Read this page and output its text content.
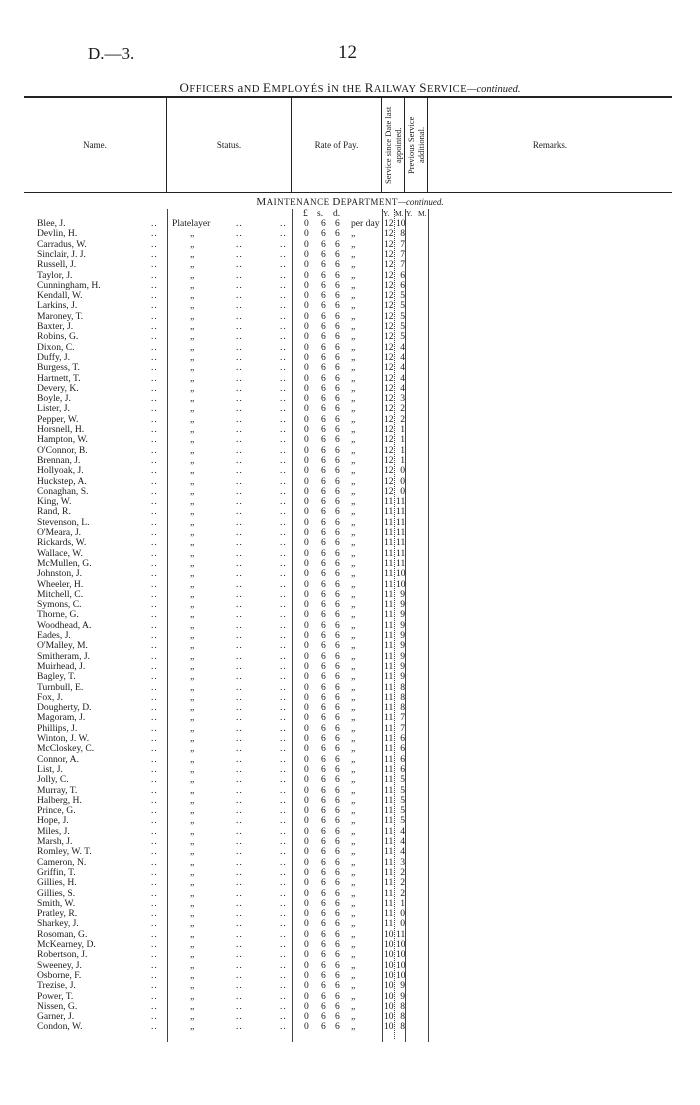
D.—3.	12
OFFICERS aND EMPLOYÉS iN tHE RAILWAY SERVICE—continued.
Name.	Status.	Rate of Pay.	Service since Date last appointed. Previous Service additional.	Remarks.
MAINTENANCE DEPARTMENT—continued.
£ s. d.	Y. M. Y. M.
Blee, J.	.. Platelayer	..	.. 0 6 6 per day 12 10
Devlin, H.	..	„	..	.. 0 6 6 „	12 8
Carradus, W.	..	„	..	.. 0 6 6 „	12 7
Sinclair, J. J.	..	„	..	.. 0 6 6 „	12 7
Russell, J.	..	„	..	.. 0 6 6 „	12 7
Taylor, J.	..	„	..	.. 0 6 6 „	12 6
Cunningham, H.	..	„	..	.. 0 6 6 „	12 6
Kendall, W.	..	„	..	.. 0 6 6 „	12 5
Larkins, J.	..	„	..	.. 0 6 6 „	12 5
Maroney, T.	..	„	..	.. 0 6 6 „	12 5
Baxter, J.	..	„	..	.. 0 6 6 „	12 5
Robins, G.	..	„	..	.. 0 6 6 „	12 5
Dixon, C.	..	„	..	.. 0 6 6 „	12 4
Duffy, J.	..	„	..	.. 0 6 6 „	12 4
Burgess, T.	..	„	..	.. 0 6 6 „	12 4
Hartnett, T.	..	„	..	.. 0 6 6 „	12 4
Devery, K.	..	„	..	.. 0 6 6 „	12 4
Boyle, J.	..	„	..	.. 0 6 6 „	12 3
Lister, J.	..	„	..	.. 0 6 6 „	12 2
Pepper, W.	..	„	..	.. 0 6 6 „	12 2
Horsnell, H.	..	„	..	.. 0 6 6 „	12 1
Hampton, W.	..	„	..	.. 0 6 6 „	12 1
O'Connor, B.	..	„	..	.. 0 6 6 „	12 1
Brennan, J.	..	„	..	.. 0 6 6 „	12 1
Hollyoak, J.	..	„	..	.. 0 6 6 „	12 0
Huckstep, A.	..	„	..	.. 0 6 6 „	12 0
Conaghan, S.	..	„	..	.. 0 6 6 „	12 0
King, W.	..	„	..	.. 0 6 6 „	11 11
Rand, R.	..	„	..	.. 0 6 6 „	11 11
Stevenson, L.	..	„	..	.. 0 6 6 „	11 11
O'Meara, J.	..	„	..	.. 0 6 6 „	11 11
Rickards, W.	..	„	..	.. 0 6 6 „	11 11
Wallace, W.	..	„	..	.. 0 6 6 „	11 11
McMullen, G.	..	„	..	.. 0 6 6 „	11 11
Johnston, J.	..	„	..	.. 0 6 6 „	11 10
Wheeler, H.	..	„	..	.. 0 6 6 „	11 10
Mitchell, C.	..	„	..	.. 0 6 6 „	11 9
Symons, C.	..	„	..	.. 0 6 6 „	11 9
Thorne, G.	..	„	..	.. 0 6 6 „	11 9
Woodhead, A.	..	„	..	.. 0 6 6 „	11 9
Eades, J.	..	„	..	.. 0 6 6 „	11 9
O'Malley, M.	..	„	..	.. 0 6 6 „	11 9
Smitheram, J.	..	„	..	.. 0 6 6 „	11 9
Muirhead, J.	..	„	..	.. 0 6 6 „	11 9
Bagley, T.	..	„	..	.. 0 6 6 „	11 9
Turnbull, E.	..	„	..	.. 0 6 6 „	11 8
Fox, J.	..	„	..	.. 0 6 6 „	11 8
Dougherty, D.	..	„	..	.. 0 6 6 „	11 8
Magoram, J.	..	„	..	.. 0 6 6 „	11 7
Phillips, J.	..	„	..	.. 0 6 6 „	11 7
Winton, J. W.	..	„	..	.. 0 6 6 „	11 6
McCloskey, C.	..	„	..	.. 0 6 6 „	11 6
Connor, A.	..	„	..	.. 0 6 6 „	11 6
List, J.	..	„	..	.. 0 6 6 „	11 6
Jolly, C.	..	„	..	.. 0 6 6 „	11 5
Murray, T.	..	„	..	.. 0 6 6 „	11 5
Halberg, H.	..	„	..	.. 0 6 6 „	11 5
Prince, G.	..	„	..	.. 0 6 6 „	11 5
Hope, J.	..	„	..	.. 0 6 6 „	11 5
Miles, J.	..	„	..	.. 0 6 6 „	11 4
Marsh, J.	..	„	..	.. 0 6 6 „	11 4
Romley, W. T.	..	„	..	.. 0 6 6 „	11 4
Cameron, N.	..	„	..	.. 0 6 6 „	11 3
Griffin, T.	..	„	..	.. 0 6 6 „	11 2
Gillies, H.	..	„	..	.. 0 6 6 „	11 2
Gillies, S.	..	„	..	.. 0 6 6 „	11 2
Smith, W.	..	„	..	.. 0 6 6 „	11 1
Pratley, R.	..	„	..	.. 0 6 6 „	11 0
Sharkey, J.	..	„	..	.. 0 6 6 „	11 0
Rosoman, G.	..	„	..	.. 0 6 6 „	10 11
McKearney, D.	..	„	..	.. 0 6 6 „	10 10
Robertson, J.	..	„	..	.. 0 6 6 „	10 10
Sweeney, J.	..	„	..	.. 0 6 6 „	10 10
Osborne, F.	..	„	..	.. 0 6 6 „	10 10
Trezise, J.	..	„	..	.. 0 6 6 „	10 9
Power, T.	..	„	..	.. 0 6 6 „	10 9
Nissen, G.	..	„	..	.. 0 6 6 „	10 8
Garner, J.	..	„	..	.. 0 6 6 „	10 8
Condon, W.	..	„	..	.. 0 6 6 „	10 8
